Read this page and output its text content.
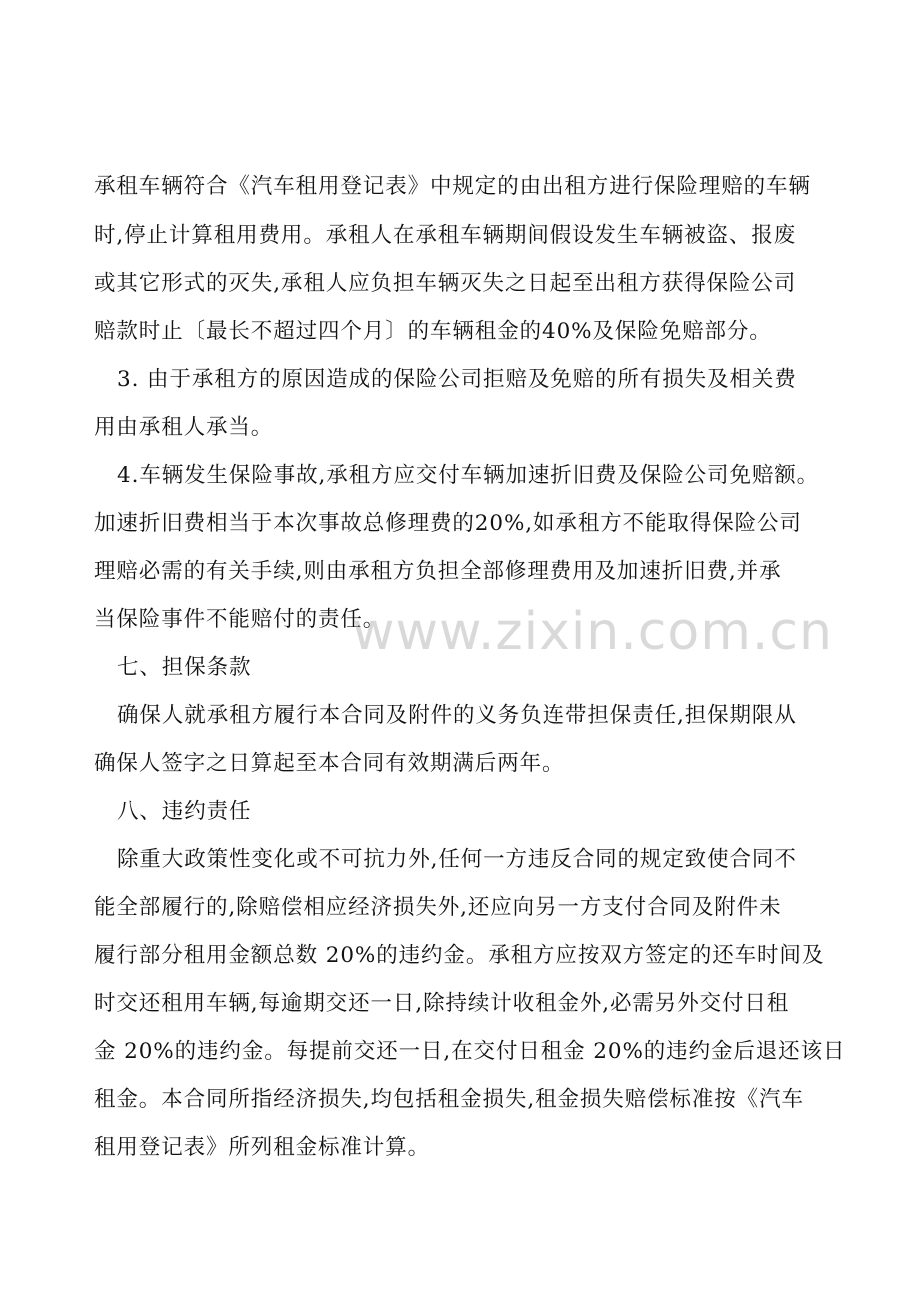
承租车辆符合《汽车租用登记表》中规定的由出租方进行保险理赔的车辆
时,停止计算租用费用。承租人在承租车辆期间假设发生车辆被盗、报废
或其它形式的灭失,承租人应负担车辆灭失之日起至出租方获得保险公司
赔款时止〔最长不超过四个月〕的车辆租金的40%及保险免赔部分。
3. 由于承租方的原因造成的保险公司拒赔及免赔的所有损失及相关费
用由承租人承当。
4.车辆发生保险事故,承租方应交付车辆加速折旧费及保险公司免赔额。
加速折旧费相当于本次事故总修理费的20%,如承租方不能取得保险公司
理赔必需的有关手续,则由承租方负担全部修理费用及加速折旧费,并承
当保险事件不能赔付的责任。
七、担保条款
确保人就承租方履行本合同及附件的义务负连带担保责任,担保期限从
确保人签字之日算起至本合同有效期满后两年。
八、违约责任
除重大政策性变化或不可抗力外,任何一方违反合同的规定致使合同不
能全部履行的,除赔偿相应经济损失外,还应向另一方支付合同及附件未
履行部分租用金额总数 20%的违约金。承租方应按双方签定的还车时间及
时交还租用车辆,每逾期交还一日,除持续计收租金外,必需另外交付日租
金 20%的违约金。每提前交还一日,在交付日租金 20%的违约金后退还该日
租金。本合同所指经济损失,均包括租金损失,租金损失赔偿标准按《汽车
租用登记表》所列租金标准计算。
www.zixin.com.cn
